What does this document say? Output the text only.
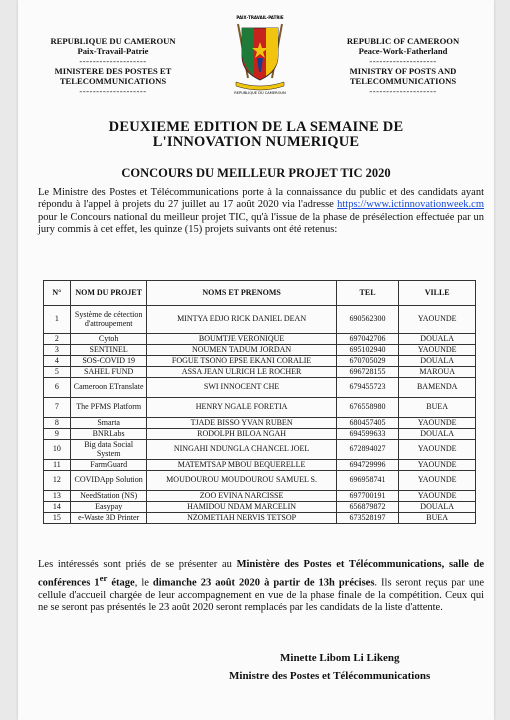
REPUBLIQUE DU CAMEROUN
Paix-Travail-Patrie
--------------------
MINISTERE DES POSTES ET
TELECOMMUNICATIONS
--------------------
PAIX·TRAVAIL·PATRIE
REPUBLIQUE DU CAMEROUN
REPUBLIC OF CAMEROON
Peace-Work-Fatherland
--------------------
MINISTRY OF POSTS AND
TELECOMMUNICATIONS
--------------------
DEUXIEME EDITION DE LA SEMAINE DE
L'INNOVATION NUMERIQUE
CONCOURS DU MEILLEUR PROJET TIC 2020
Le Ministre des Postes et Télécommunications porte à la connaissance du public et des candidats ayant répondu à l'appel à projets du 27 juillet au 17 août 2020 via l'adresse https://www.ictinnovationweek.cm pour le Concours national du meilleur projet TIC, qu'à l'issue de la phase de présélection effectuée par un jury commis à cet effet, les quinze (15) projets suivants ont été retenus:
N°	NOM DU PROJET	NOMS ET PRENOMS	TEL	VILLE
1	Système de cétection d'attroupement	MINTYA EDJO RICK DANIEL DEAN	690562300	YAOUNDE
2	Cytoh	BOUMTJE VERONIQUE	697042706	DOUALA
3	SENTINEL	NOUMEN TADUM JORDAN	695102940	YAOUNDE
4	SOS-COVID 19	FOGUE TSONO EPSE EKANI CORALIE	670705029	DOUALA
5	SAHEL FUND	ASSA JEAN ULRICH LE ROCHER	696728155	MAROUA
6	Cameroon ETranslate	SWI INNOCENT CHE	679455723	BAMENDA
7	The PFMS Platform	HENRY NGALE FORETIA	676558980	BUEA
8	Smarta	TJADE BISSO YVAN RUBEN	680457405	YAOUNDE
9	BNRLabs	RODOLPH BILOA NGAH	694599633	DOUALA
10	Big data Social System	NINGAHI NDUNGLA CHANCEL JOEL	672894027	YAOUNDE
11	FarmGuard	MATEMTSAP MBOU BEQUERELLE	694729996	YAOUNDE
12	COVIDApp Solution	MOUDOUROU MOUDOUROU SAMUEL S.	696958741	YAOUNDE
13	NeedStation (NS)	ZOO EVINA NARCISSE	697700191	YAOUNDE
14	Easypay	HAMIDOU NDAM MARCELIN	656879872	DOUALA
15	e-Waste 3D Printer	NZOMETIAH NERVIS TETSOP	673528197	BUEA
Les intéressés sont priés de se présenter au Ministère des Postes et Télécommunications, salle de conférences 1er étage, le dimanche 23 août 2020 à partir de 13h précises. Ils seront reçus par une cellule d'accueil chargée de leur accompagnement en vue de la phase finale de la compétition. Ceux qui ne se seront pas présentés le 23 août 2020 seront remplacés par les candidats de la liste d'attente.
Minette Libom Li Likeng
Ministre des Postes et Télécommunications
